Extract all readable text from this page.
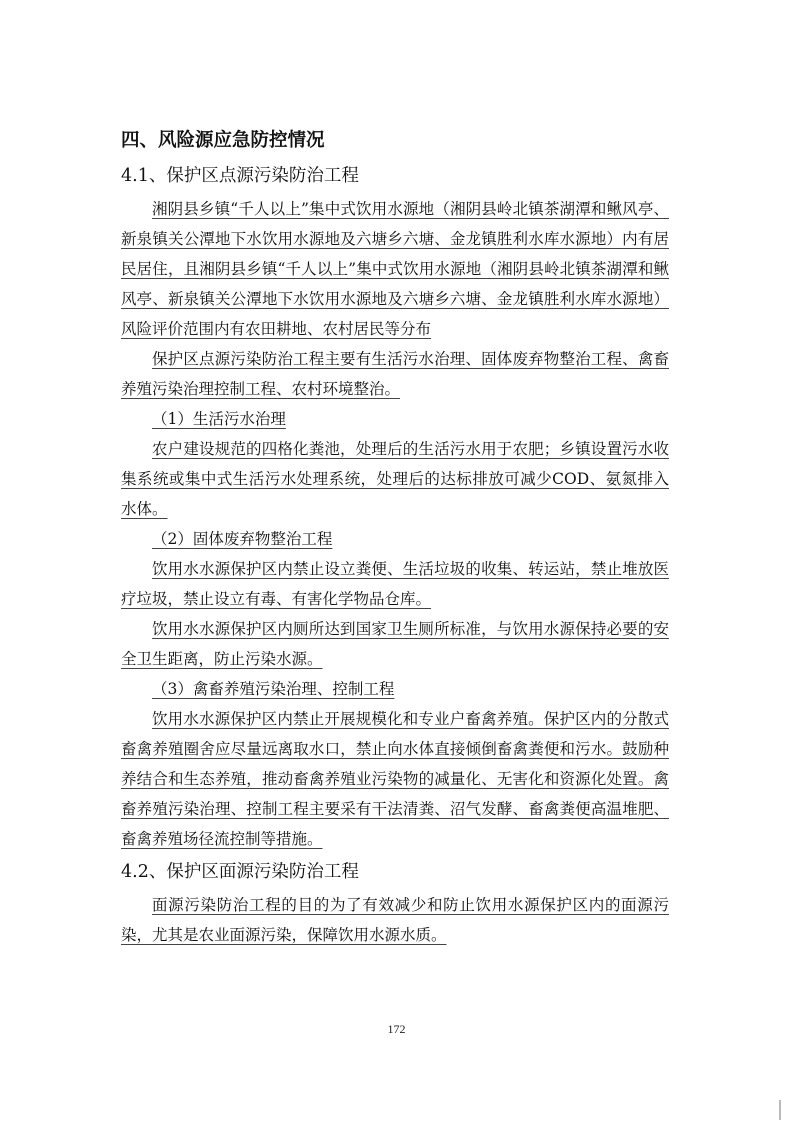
四、风险源应急防控情况
4.1、保护区点源污染防治工程

湘阴县乡镇“千人以上”集中式饮用水源地（湘阴县岭北镇茶湖潭和鳅风亭、新泉镇关公潭地下水饮用水源地及六塘乡六塘、金龙镇胜利水库水源地）内有居民居住，且湘阴县乡镇“千人以上”集中式饮用水源地（湘阴县岭北镇茶湖潭和鳅风亭、新泉镇关公潭地下水饮用水源地及六塘乡六塘、金龙镇胜利水库水源地）风险评价范围内有农田耕地、农村居民等分布

保护区点源污染防治工程主要有生活污水治理、固体废弃物整治工程、禽畜养殖污染治理控制工程、农村环境整治。

（1）生活污水治理

农户建设规范的四格化粪池，处理后的生活污水用于农肥；乡镇设置污水收集系统或集中式生活污水处理系统，处理后的达标排放可减少COD、氨氮排入水体。

（2）固体废弃物整治工程

饮用水水源保护区内禁止设立粪便、生活垃圾的收集、转运站，禁止堆放医疗垃圾，禁止设立有毒、有害化学物品仓库。

饮用水水源保护区内厕所达到国家卫生厕所标准，与饮用水源保持必要的安全卫生距离，防止污染水源。

（3）禽畜养殖污染治理、控制工程

饮用水水源保护区内禁止开展规模化和专业户畜禽养殖。保护区内的分散式畜禽养殖圈舍应尽量远离取水口，禁止向水体直接倾倒畜禽粪便和污水。鼓励种养结合和生态养殖，推动畜禽养殖业污染物的减量化、无害化和资源化处置。禽畜养殖污染治理、控制工程主要采有干法清粪、沼气发酵、畜禽粪便高温堆肥、畜禽养殖场径流控制等措施。

4.2、保护区面源污染防治工程

面源污染防治工程的目的为了有效减少和防止饮用水源保护区内的面源污染，尤其是农业面源污染，保障饮用水源水质。

172
